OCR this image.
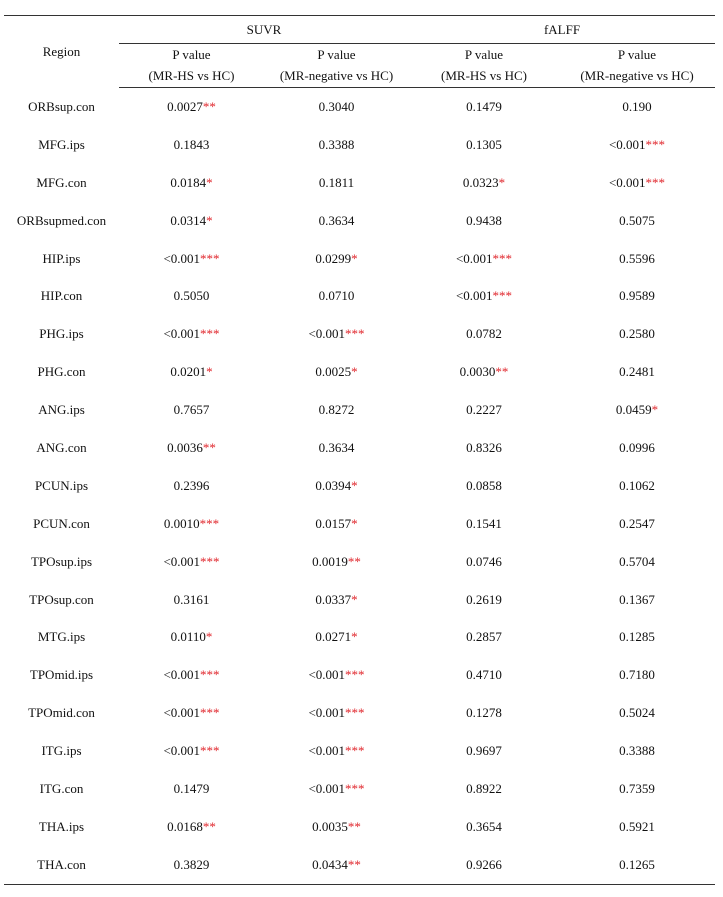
Region	SUVR		fALFF	
	P value	P value	P value	P value
	(MR-HS vs HC)	(MR-negative vs HC)	(MR-HS vs HC)	(MR-negative vs HC)
ORBsup.con	0.0027**	0.3040	0.1479	0.190
MFG.ips	0.1843	0.3388	0.1305	<0.001***
MFG.con	0.0184*	0.1811	0.0323*	<0.001***
ORBsupmed.con	0.0314*	0.3634	0.9438	0.5075
HIP.ips	<0.001***	0.0299*	<0.001***	0.5596
HIP.con	0.5050	0.0710	<0.001***	0.9589
PHG.ips	<0.001***	<0.001***	0.0782	0.2580
PHG.con	0.0201*	0.0025*	0.0030**	0.2481
ANG.ips	0.7657	0.8272	0.2227	0.0459*
ANG.con	0.0036**	0.3634	0.8326	0.0996
PCUN.ips	0.2396	0.0394*	0.0858	0.1062
PCUN.con	0.0010***	0.0157*	0.1541	0.2547
TPOsup.ips	<0.001***	0.0019**	0.0746	0.5704
TPOsup.con	0.3161	0.0337*	0.2619	0.1367
MTG.ips	0.0110*	0.0271*	0.2857	0.1285
TPOmid.ips	<0.001***	<0.001***	0.4710	0.7180
TPOmid.con	<0.001***	<0.001***	0.1278	0.5024
ITG.ips	<0.001***	<0.001***	0.9697	0.3388
ITG.con	0.1479	<0.001***	0.8922	0.7359
THA.ips	0.0168**	0.0035**	0.3654	0.5921
THA.con	0.3829	0.0434**	0.9266	0.1265
